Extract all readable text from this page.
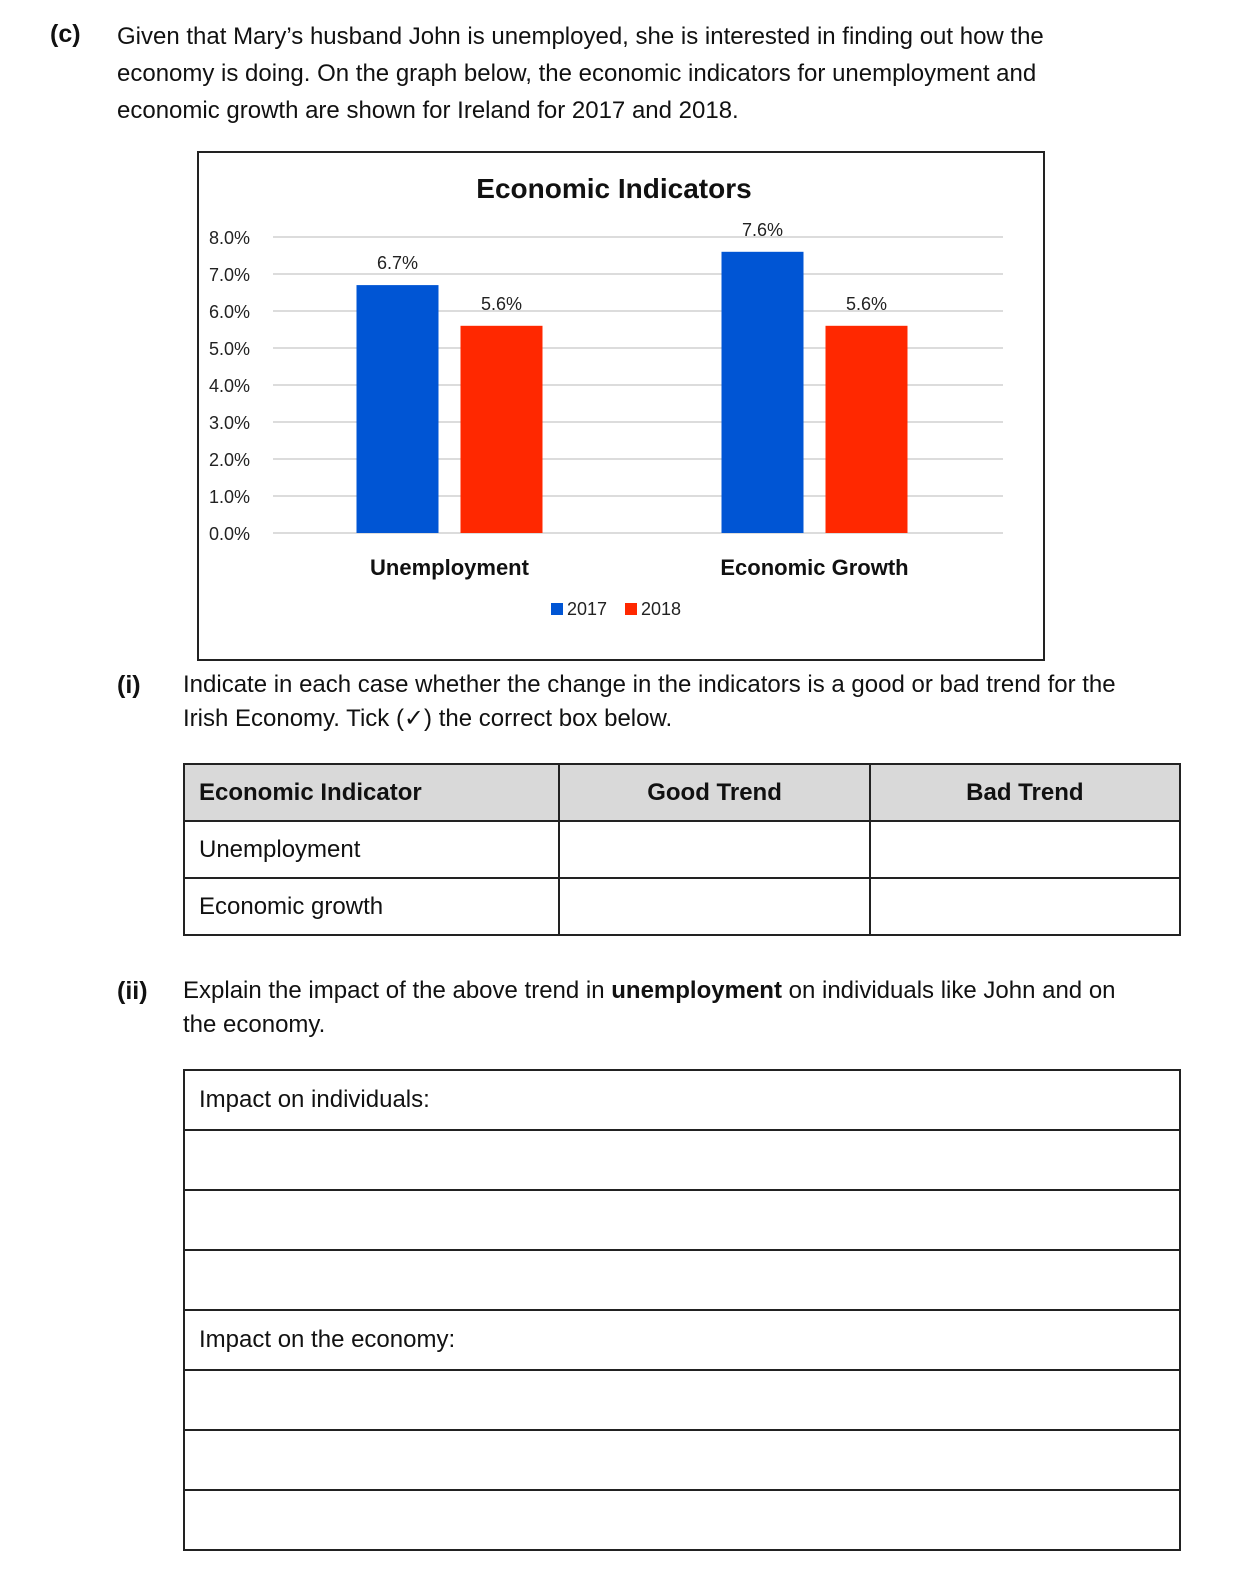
(c) Given that Mary’s husband John is unemployed, she is interested in finding out how the economy is doing. On the graph below, the economic indicators for unemployment and economic growth are shown for Ireland for 2017 and 2018.
Economic Indicators
0.0%
1.0%
2.0%
3.0%
4.0%
5.0%
6.0%
7.0%
8.0%
6.7%
5.6%
Unemployment
7.6%
5.6%
Economic Growth
2017 2018
(i) Indicate in each case whether the change in the indicators is a good or bad trend for the Irish Economy. Tick (✓) the correct box below.
Economic Indicator	Good Trend	Bad Trend
Unemployment		
Economic growth		
(ii) Explain the impact of the above trend in unemployment on individuals like John and on the economy.
Impact on individuals:

Impact on the economy:
